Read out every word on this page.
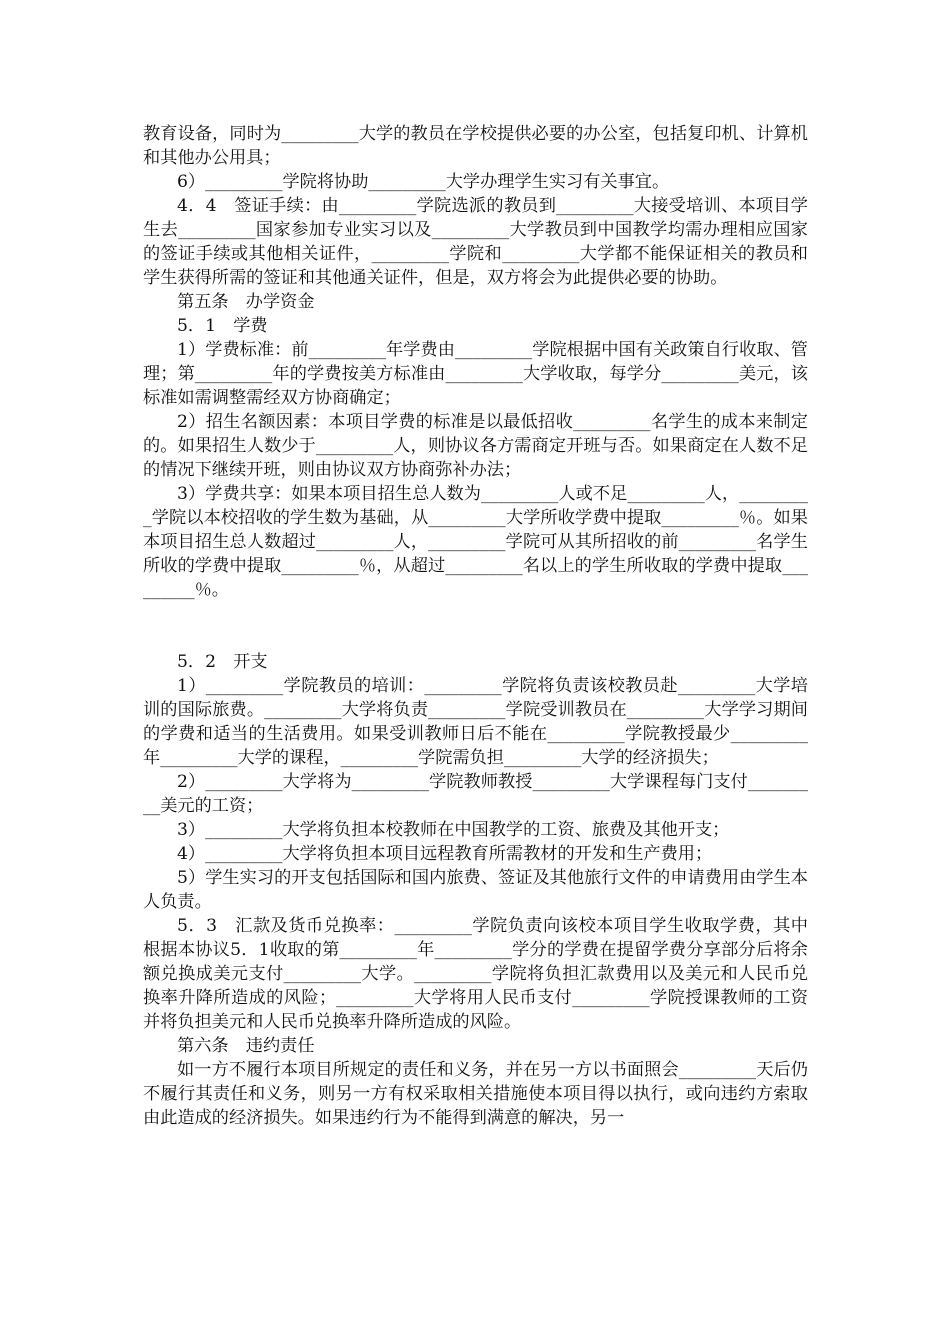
教育设备，同时为_________大学的教员在学校提供必要的办公室，包括复印机、计算机和其他办公用具；

6）_________学院将协助_________大学办理学生实习有关事宜。

4．4　签证手续：由_________学院选派的教员到_________大接受培训、本项目学生去_________国家参加专业实习以及_________大学教员到中国教学均需办理相应国家的签证手续或其他相关证件，_________学院和_________大学都不能保证相关的教员和学生获得所需的签证和其他通关证件，但是，双方将会为此提供必要的协助。

第五条　办学资金

5．1　学费

1）学费标准：前_________年学费由_________学院根据中国有关政策自行收取、管理；第_________年的学费按美方标准由_________大学收取，每学分_________美元，该标准如需调整需经双方协商确定；

2）招生名额因素：本项目学费的标准是以最低招收_________名学生的成本来制定的。如果招生人数少于_________人，则协议各方需商定开班与否。如果商定在人数不足的情况下继续开班，则由协议双方协商弥补办法；

3）学费共享：如果本项目招生总人数为_________人或不足_________人，_________学院以本校招收的学生数为基础，从_________大学所收学费中提取_________％。如果本项目招生总人数超过_________人，_________学院可从其所招收的前_________名学生所收的学费中提取_________％，从超过_________名以上的学生所收取的学费中提取_________％。

5．2　开支

1）_________学院教员的培训：_________学院将负责该校教员赴_________大学培训的国际旅费。_________大学将负责_________学院受训教员在_________大学学习期间的学费和适当的生活费用。如果受训教师日后不能在_________学院教授最少_________年_________大学的课程，_________学院需负担_________大学的经济损失；

2）_________大学将为_________学院教师教授_________大学课程每门支付_________美元的工资；

3）_________大学将负担本校教师在中国教学的工资、旅费及其他开支；

4）_________大学将负担本项目远程教育所需教材的开发和生产费用；

5）学生实习的开支包括国际和国内旅费、签证及其他旅行文件的申请费用由学生本人负责。

5．3　汇款及货币兑换率：_________学院负责向该校本项目学生收取学费，其中根据本协议5．1收取的第_________年_________学分的学费在提留学费分享部分后将余额兑换成美元支付_________大学。_________学院将负担汇款费用以及美元和人民币兑换率升降所造成的风险；_________大学将用人民币支付_________学院授课教师的工资并将负担美元和人民币兑换率升降所造成的风险。

第六条　违约责任

如一方不履行本项目所规定的责任和义务，并在另一方以书面照会_________天后仍不履行其责任和义务，则另一方有权采取相关措施使本项目得以执行，或向违约方索取由此造成的经济损失。如果违约行为不能得到满意的解决，另一
